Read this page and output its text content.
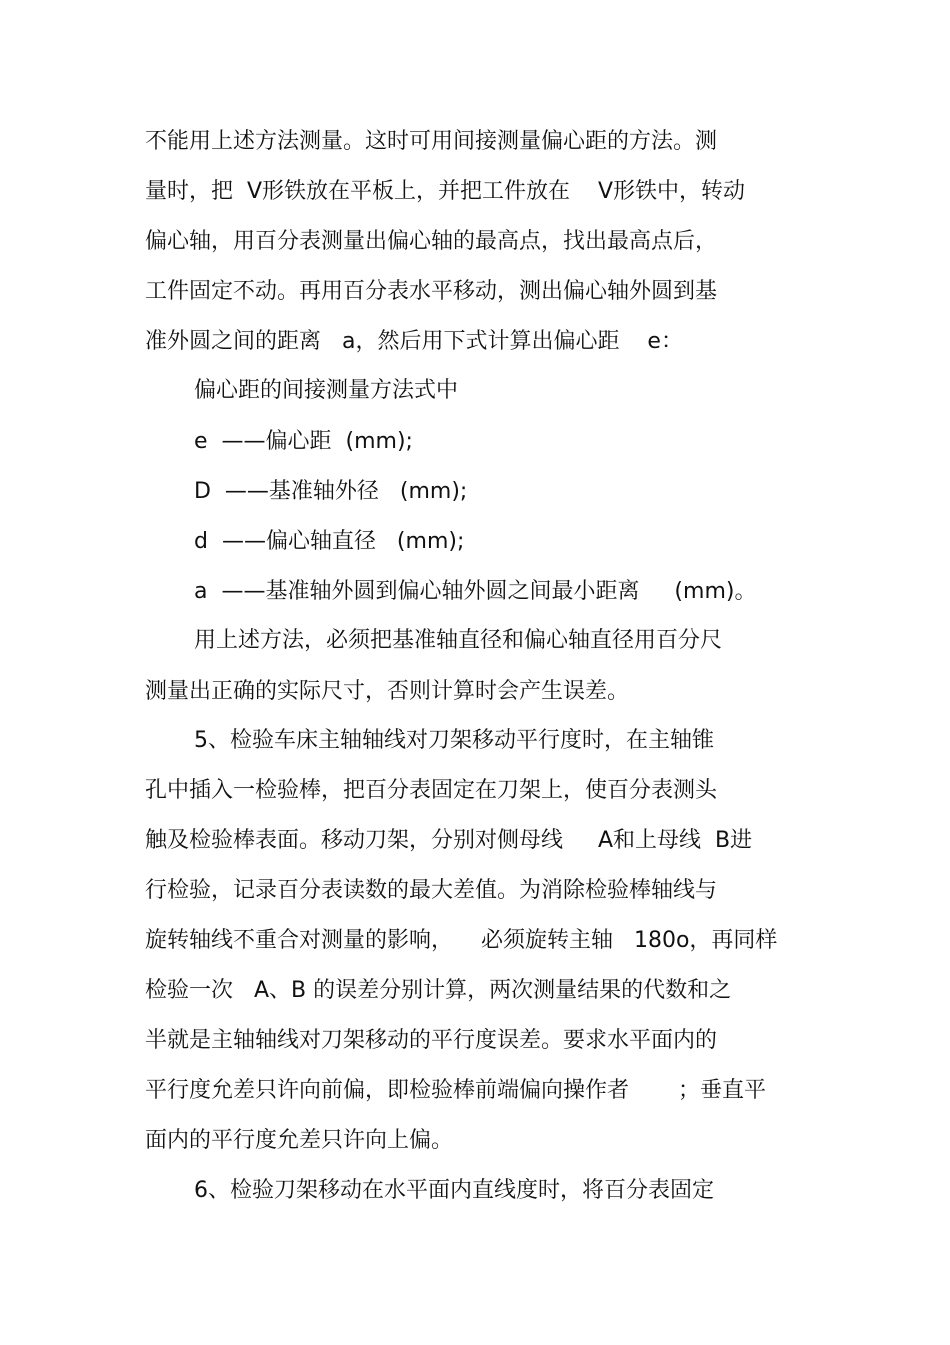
不能用上述方法测量。这时可用间接测量偏心距的方法。测
量时，把  V形铁放在平板上，并把工件放在    V形铁中，转动
偏心轴，用百分表测量出偏心轴的最高点，找出最高点后，
工件固定不动。再用百分表水平移动，测出偏心轴外圆到基
准外圆之间的距离   a，然后用下式计算出偏心距    e：
偏心距的间接测量方法式中
e  ——偏心距  (mm);
D  ——基准轴外径   (mm);
d  ——偏心轴直径   (mm);
a  ——基准轴外圆到偏心轴外圆之间最小距离     (mm)。
用上述方法，必须把基准轴直径和偏心轴直径用百分尺
测量出正确的实际尺寸，否则计算时会产生误差。
5、检验车床主轴轴线对刀架移动平行度时，在主轴锥
孔中插入一检验棒，把百分表固定在刀架上，使百分表测头
触及检验棒表面。移动刀架，分别对侧母线     A和上母线  B进
行检验，记录百分表读数的最大差值。为消除检验棒轴线与
旋转轴线不重合对测量的影响，    必须旋转主轴   180o，再同样
检验一次   A、B 的误差分别计算，两次测量结果的代数和之
半就是主轴轴线对刀架移动的平行度误差。要求水平面内的
平行度允差只许向前偏，即检验棒前端偏向操作者       ；垂直平
面内的平行度允差只许向上偏。
6、检验刀架移动在水平面内直线度时，将百分表固定
